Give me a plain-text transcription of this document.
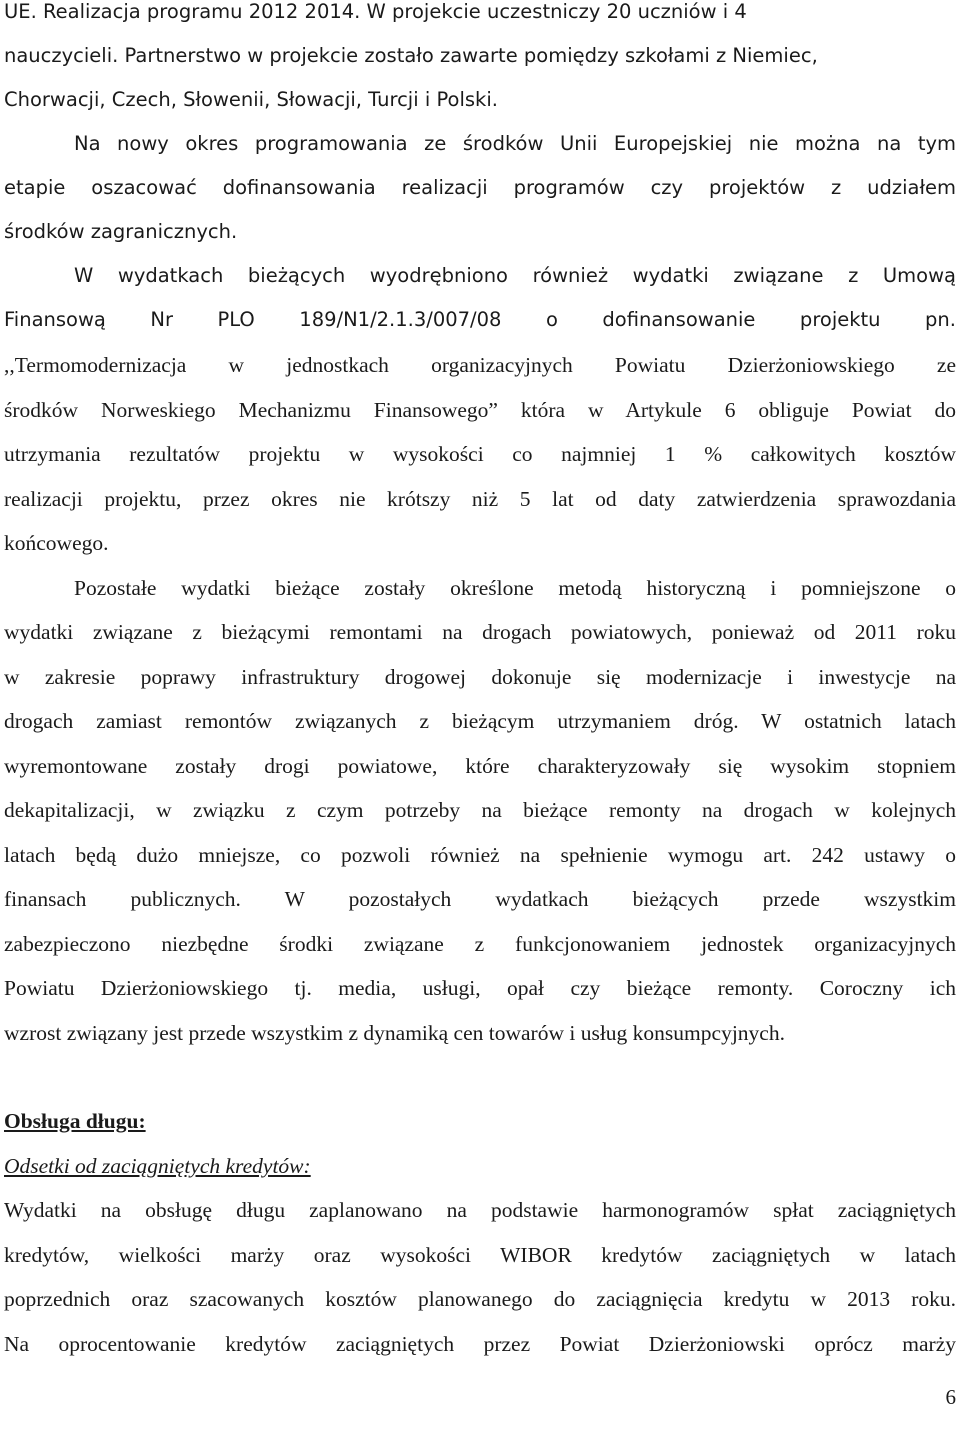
UE. Realizacja programu 2012 2014. W projekcie uczestniczy 20 uczniów i 4
nauczycieli. Partnerstwo w projekcie zostało zawarte pomiędzy szkołami z Niemiec,
Chorwacji, Czech, Słowenii, Słowacji, Turcji i Polski.
Na nowy okres programowania ze środków Unii Europejskiej nie można na tym
etapie oszacować dofinansowania realizacji programów czy projektów z udziałem
środków zagranicznych.
W wydatkach bieżących wyodrębniono również wydatki związane z Umową
Finansową Nr PLO 189/N1/2.1.3/007/08 o dofinansowanie projektu pn.
,,Termomodernizacja w jednostkach organizacyjnych Powiatu Dzierżoniowskiego ze
środków Norweskiego Mechanizmu Finansowego” która w Artykule 6 obliguje Powiat do
utrzymania rezultatów projektu w wysokości co najmniej 1 % całkowitych kosztów
realizacji projektu, przez okres nie krótszy niż 5 lat od daty zatwierdzenia sprawozdania
końcowego.
Pozostałe wydatki bieżące zostały określone metodą historyczną i pomniejszone o
wydatki związane z bieżącymi remontami na drogach powiatowych, ponieważ od 2011 roku
w zakresie poprawy infrastruktury drogowej dokonuje się modernizacje i inwestycje na
drogach zamiast remontów związanych z bieżącym utrzymaniem dróg. W ostatnich latach
wyremontowane zostały drogi powiatowe, które charakteryzowały się wysokim stopniem
dekapitalizacji, w związku z czym potrzeby na bieżące remonty na drogach w kolejnych
latach będą dużo mniejsze, co pozwoli również na spełnienie wymogu art. 242 ustawy o
finansach publicznych. W pozostałych wydatkach bieżących przede wszystkim
zabezpieczono niezbędne środki związane z funkcjonowaniem jednostek organizacyjnych
Powiatu Dzierżoniowskiego tj. media, usługi, opał czy bieżące remonty. Coroczny ich
wzrost związany jest przede wszystkim z dynamiką cen towarów i usług konsumpcyjnych.
Obsługa długu:
Odsetki od zaciągniętych kredytów:
Wydatki na obsługę długu zaplanowano na podstawie harmonogramów spłat zaciągniętych
kredytów, wielkości marży oraz wysokości WIBOR kredytów zaciągniętych w latach
poprzednich oraz szacowanych kosztów planowanego do zaciągnięcia kredytu w 2013 roku.
Na oprocentowanie kredytów zaciągniętych przez Powiat Dzierżoniowski oprócz marży
6
